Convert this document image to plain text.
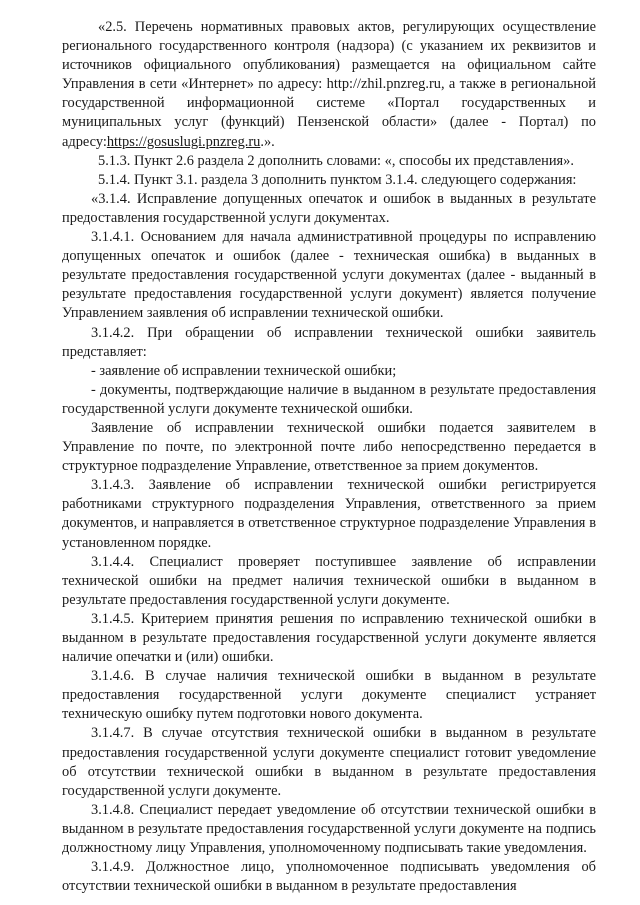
«2.5. Перечень нормативных правовых актов, регулирующих осуществление регионального государственного контроля (надзора) (с указанием их реквизитов и источников официального опубликования) размещается на официальном сайте Управления в сети «Интернет» по адресу: http://zhil.pnzreg.ru, а также в региональной государственной информационной системе «Портал государственных и муниципальных услуг (функций) Пензенской области» (далее - Портал) по адресу:https://gosuslugi.pnzreg.ru.».

5.1.3. Пункт 2.6 раздела 2 дополнить словами: «, способы их представления».

5.1.4. Пункт 3.1. раздела 3 дополнить пунктом 3.1.4. следующего содержания:

«3.1.4. Исправление допущенных опечаток и ошибок в выданных в результате предоставления государственной услуги документах.

3.1.4.1. Основанием для начала административной процедуры по исправлению допущенных опечаток и ошибок (далее - техническая ошибка) в выданных в результате предоставления государственной услуги документах (далее - выданный в результате предоставления государственной услуги документ) является получение Управлением заявления об исправлении технической ошибки.

3.1.4.2. При обращении об исправлении технической ошибки заявитель представляет:

- заявление об исправлении технической ошибки;

- документы, подтверждающие наличие в выданном в результате предоставления государственной услуги документе технической ошибки.

Заявление об исправлении технической ошибки подается заявителем в Управление по почте, по электронной почте либо непосредственно передается в структурное подразделение Управление, ответственное за прием документов.

3.1.4.3. Заявление об исправлении технической ошибки регистрируется работниками структурного подразделения Управления, ответственного за прием документов, и направляется в ответственное структурное подразделение Управления в установленном порядке.

3.1.4.4. Специалист проверяет поступившее заявление об исправлении технической ошибки на предмет наличия технической ошибки в выданном в результате предоставления государственной услуги документе.

3.1.4.5. Критерием принятия решения по исправлению технической ошибки в выданном в результате предоставления государственной услуги документе является наличие опечатки и (или) ошибки.

3.1.4.6. В случае наличия технической ошибки в выданном в результате предоставления государственной услуги документе специалист устраняет техническую ошибку путем подготовки нового документа.

3.1.4.7. В случае отсутствия технической ошибки в выданном в результате предоставления государственной услуги документе специалист готовит уведомление об отсутствии технической ошибки в выданном в результате предоставления государственной услуги документе.

3.1.4.8. Специалист передает уведомление об отсутствии технической ошибки в выданном в результате предоставления государственной услуги документе на подпись должностному лицу Управления, уполномоченному подписывать такие уведомления.

3.1.4.9. Должностное лицо, уполномоченное подписывать уведомления об отсутствии технической ошибки в выданном в результате предоставления
